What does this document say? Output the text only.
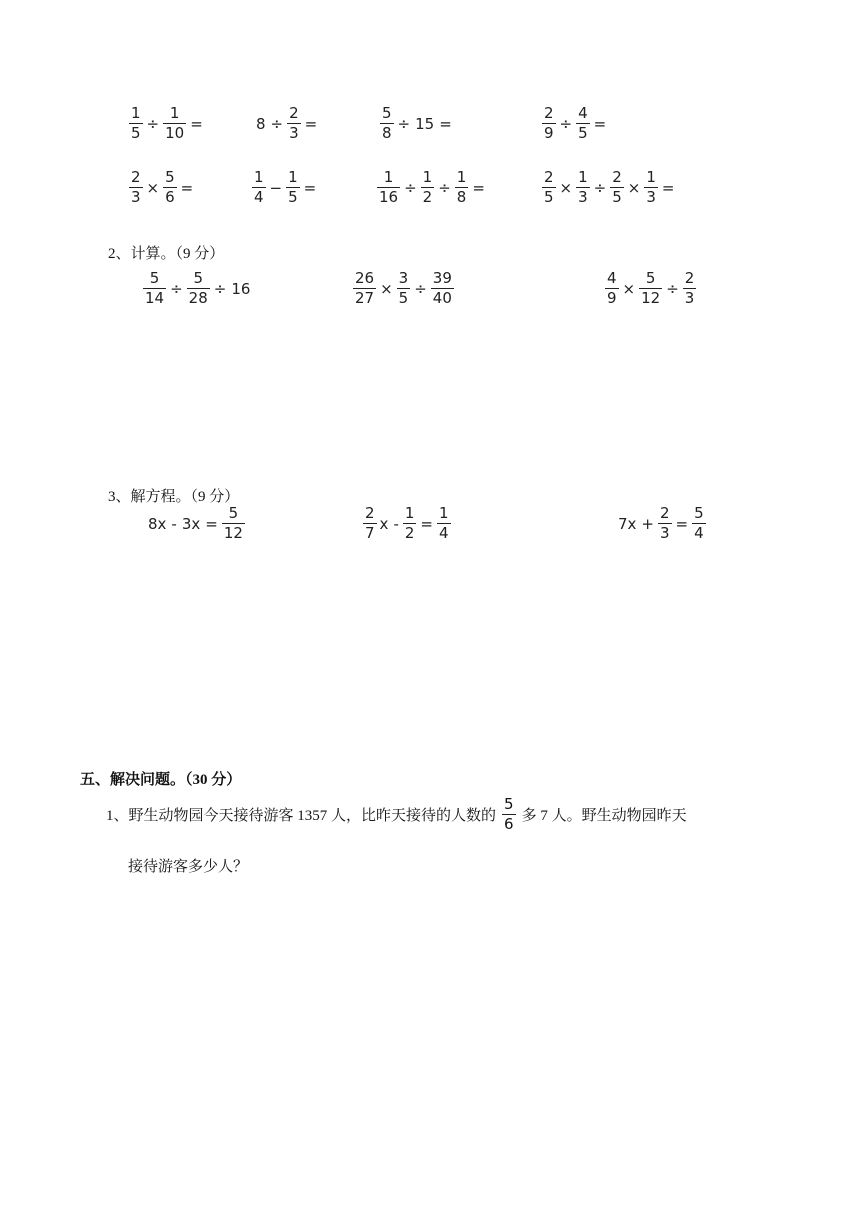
$\frac{1}{5} \div \frac{1}{10}$ =	$8 \div \frac{2}{3}$ =	$\frac{5}{8} \div 15$ =	$\frac{2}{9} \div \frac{4}{5}$ =
$\frac{2}{3} \times \frac{5}{6}$ =	$\frac{1}{4} - \frac{1}{5}$ =	$\frac{1}{16} \div \frac{1}{2} \div \frac{1}{8}$ =	$\frac{2}{5} \times \frac{1}{3} \div \frac{2}{5} \times \frac{1}{3}$ =
2、计算。（9 分）
$\frac{5}{14} \div \frac{5}{28} \div 16$	$\frac{26}{27} \times \frac{3}{5} \div \frac{39}{40}$	$\frac{4}{9} \times \frac{5}{12} \div \frac{2}{3}$
3、解方程。（9 分）
$8x - 3x = \frac{5}{12}$	$\frac{2}{7}$ $x - \frac{1}{2} = \frac{1}{4}$	$7x + \frac{2}{3} = \frac{5}{4}$
五、解决问题。（30 分）
1、野生动物园今天接待游客 1357 人，比昨天接待的人数的 $\frac{5}{6}$ 多 7 人。野生动物园昨天
接待游客多少人？
